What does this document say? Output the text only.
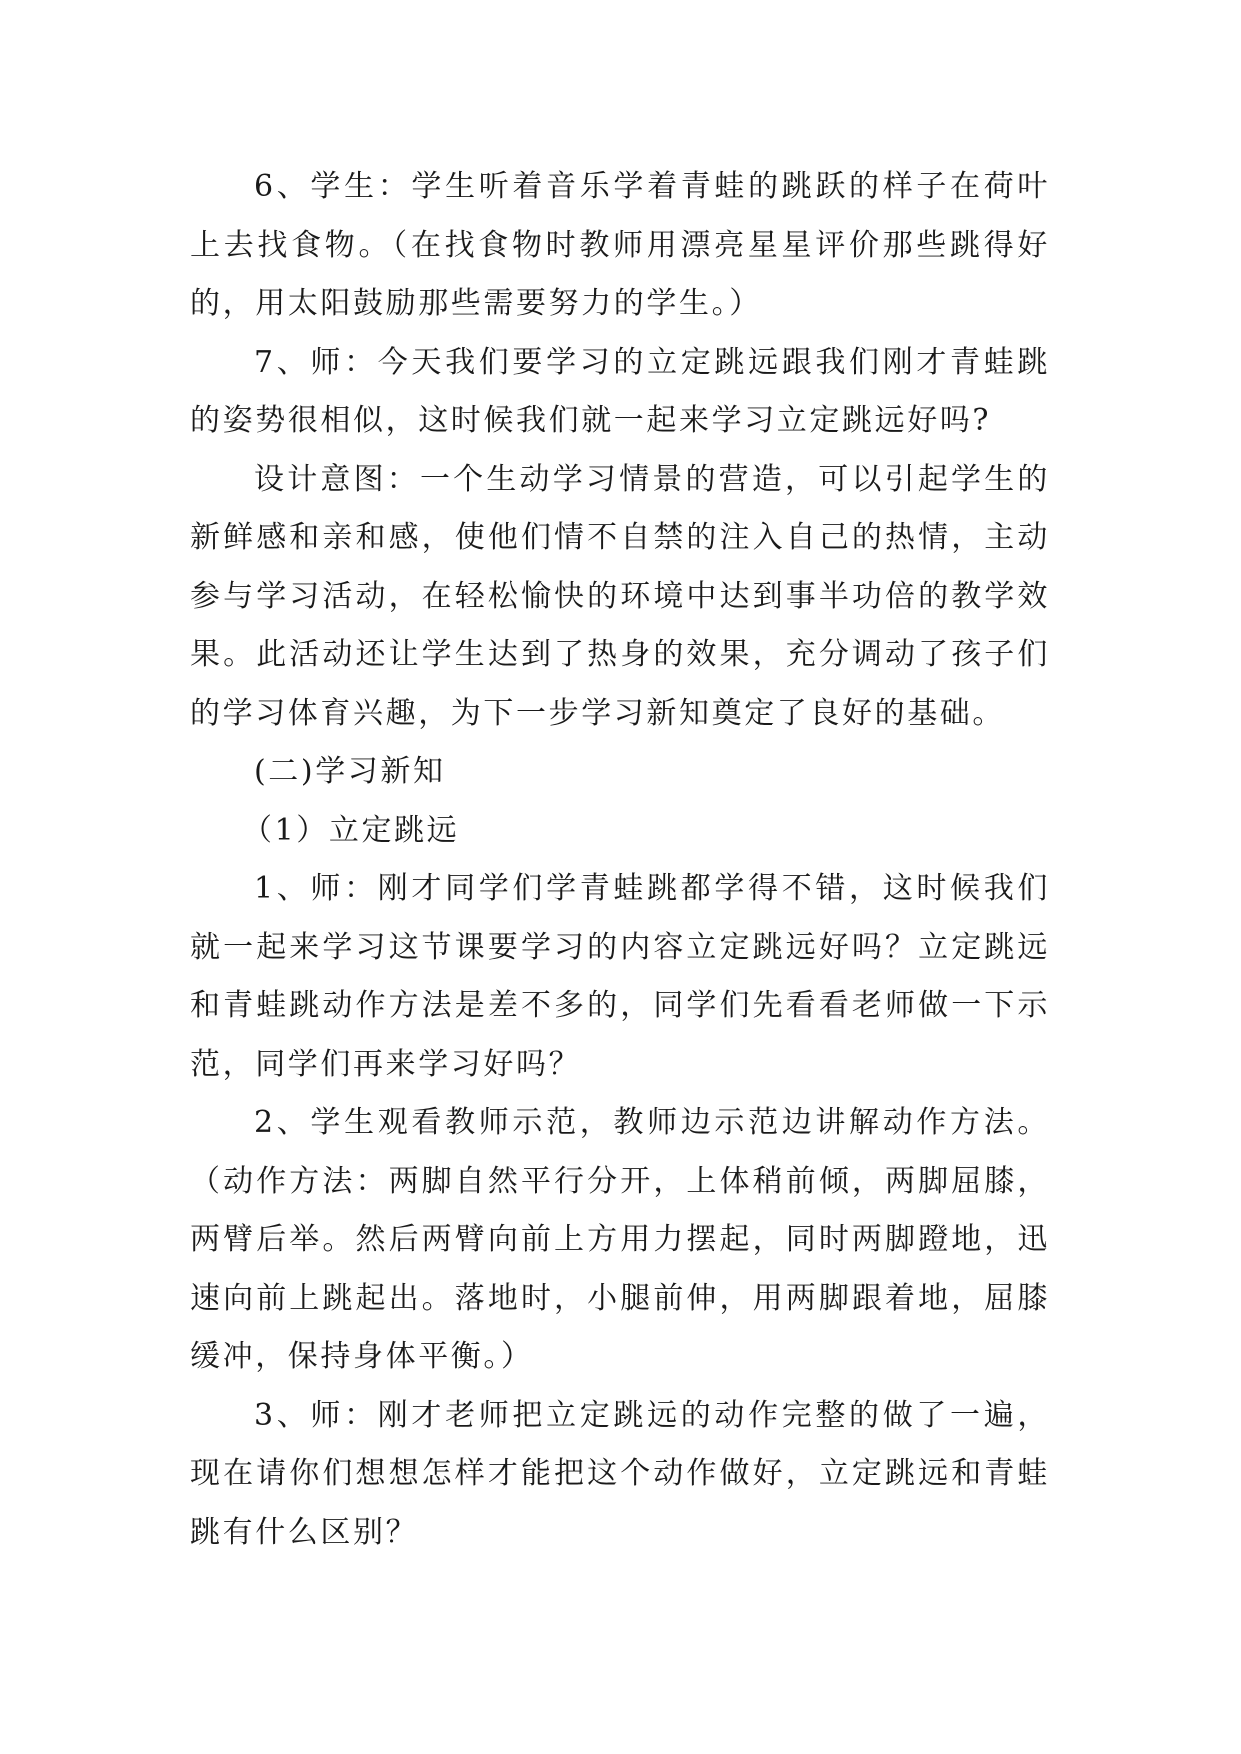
6、学生：学生听着音乐学着青蛙的跳跃的样子在荷叶上去找食物。（在找食物时教师用漂亮星星评价那些跳得好的，用太阳鼓励那些需要努力的学生。）

7、师：今天我们要学习的立定跳远跟我们刚才青蛙跳的姿势很相似，这时候我们就一起来学习立定跳远好吗?

设计意图：一个生动学习情景的营造，可以引起学生的新鲜感和亲和感，使他们情不自禁的注入自己的热情，主动参与学习活动，在轻松愉快的环境中达到事半功倍的教学效果。此活动还让学生达到了热身的效果，充分调动了孩子们的学习体育兴趣，为下一步学习新知奠定了良好的基础。

(二)学习新知

（1）立定跳远

1、师：刚才同学们学青蛙跳都学得不错，这时候我们就一起来学习这节课要学习的内容立定跳远好吗？立定跳远和青蛙跳动作方法是差不多的，同学们先看看老师做一下示范，同学们再来学习好吗？

2、学生观看教师示范，教师边示范边讲解动作方法。（动作方法：两脚自然平行分开，上体稍前倾，两脚屈膝，两臂后举。然后两臂向前上方用力摆起，同时两脚蹬地，迅速向前上跳起出。落地时，小腿前伸，用两脚跟着地，屈膝缓冲，保持身体平衡。）

3、师：刚才老师把立定跳远的动作完整的做了一遍，现在请你们想想怎样才能把这个动作做好，立定跳远和青蛙跳有什么区别？
